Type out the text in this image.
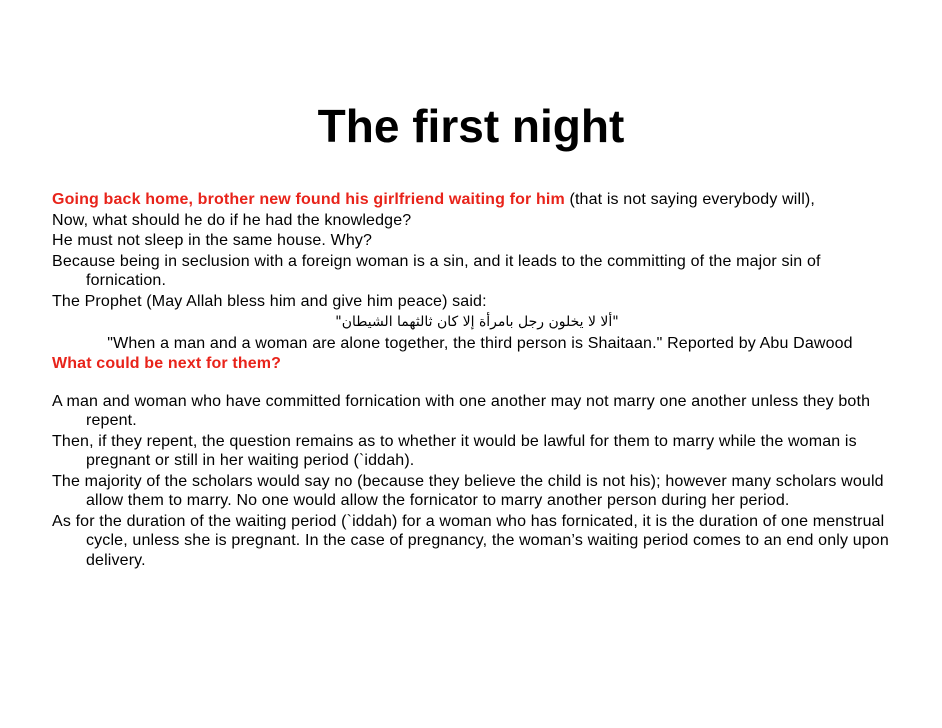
The first night

Going back home, brother new found his girlfriend waiting for him (that is not saying everybody will),

Now, what should he do if he had the knowledge?

He must not sleep in the same house. Why?

Because being in seclusion with a foreign woman is a sin, and it leads to the committing of the major sin of fornication.

The Prophet (May Allah bless him and give him peace) said:

"ألا لا يخلون رجل بامرأة إلا كان ثالثهما الشيطان"

"When a man and a woman are alone together, the third person is Shaitaan." Reported by Abu Dawood

What could be next for them?

A man and woman who have committed fornication with one another may not marry one another unless they both repent.

Then, if they repent, the question remains as to whether it would be lawful for them to marry while the woman is pregnant or still in her waiting period (`iddah).

The majority of the scholars would say no (because they believe the child is not his); however many scholars would allow them to marry. No one would allow the fornicator to marry another person during her period.

As for the duration of the waiting period (`iddah) for a woman who has fornicated, it is the duration of one menstrual cycle, unless she is pregnant. In the case of pregnancy, the woman’s waiting period comes to an end only upon delivery.
